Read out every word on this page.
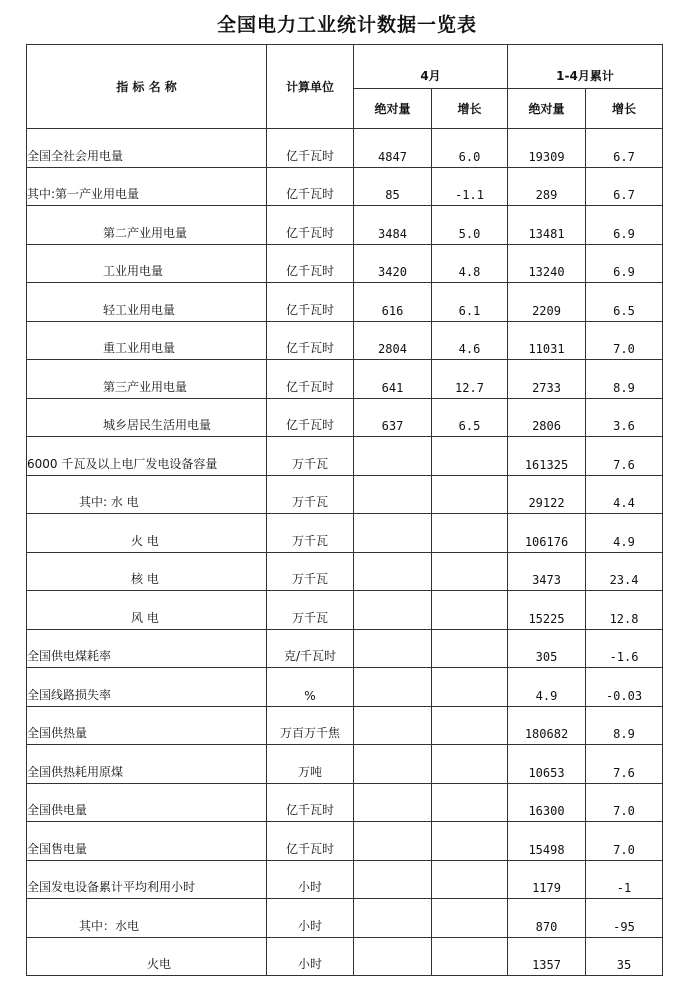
全国电力工业统计数据一览表
指 标 名 称	计算单位	4月		1-4月累计	
		绝对量	增长	绝对量	增长
全国全社会用电量	亿千瓦时	4847	6.0	19309	6.7
其中:第一产业用电量	亿千瓦时	85	-1.1	289	6.7
第二产业用电量	亿千瓦时	3484	5.0	13481	6.9
工业用电量	亿千瓦时	3420	4.8	13240	6.9
轻工业用电量	亿千瓦时	616	6.1	2209	6.5
重工业用电量	亿千瓦时	2804	4.6	11031	7.0
第三产业用电量	亿千瓦时	641	12.7	2733	8.9
城乡居民生活用电量	亿千瓦时	637	6.5	2806	3.6
6000 千瓦及以上电厂发电设备容量	万千瓦			161325	7.6
其中: 水 电	万千瓦			29122	4.4
火 电	万千瓦			106176	4.9
核 电	万千瓦			3473	23.4
风 电	万千瓦			15225	12.8
全国供电煤耗率	克/千瓦时			305	-1.6
全国线路损失率	%			4.9	-0.03
全国供热量	万百万千焦			180682	8.9
全国供热耗用原煤	万吨			10653	7.6
全国供电量	亿千瓦时			16300	7.0
全国售电量	亿千瓦时			15498	7.0
全国发电设备累计平均利用小时	小时			1179	-1
其中：水电	小时			870	-95
火电	小时			1357	35
